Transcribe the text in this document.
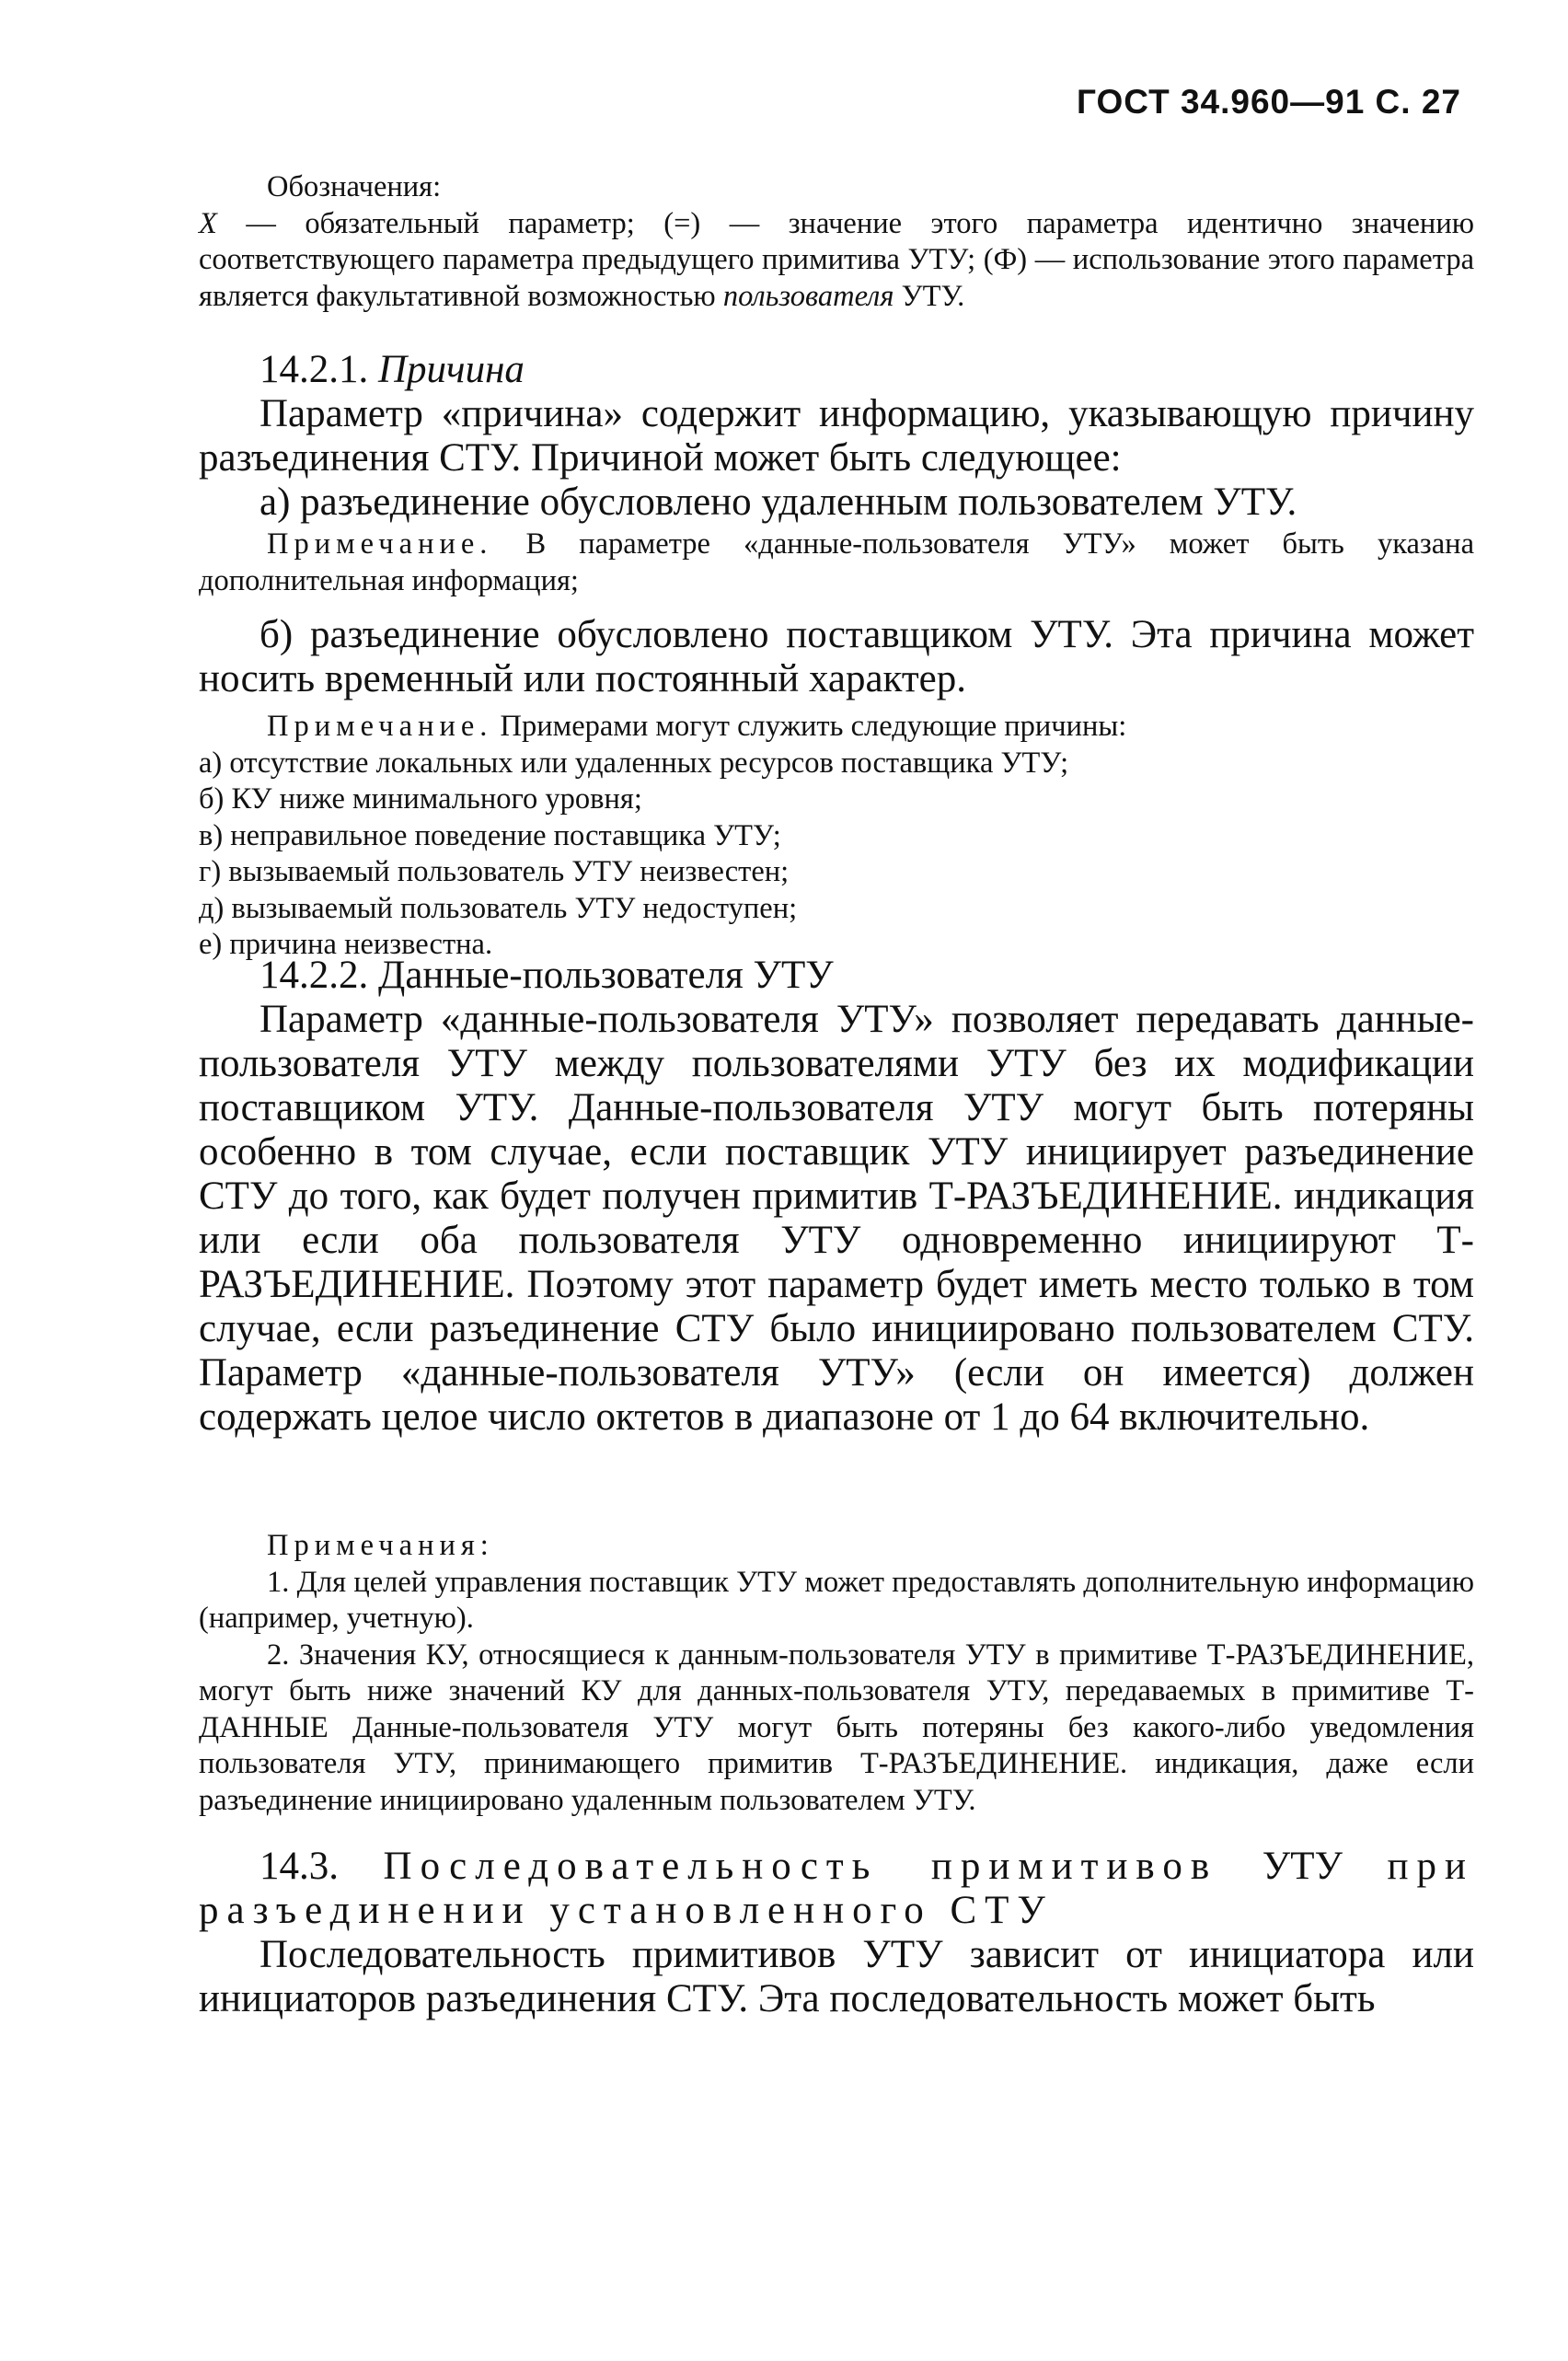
ГОСТ 34.960—91 С. 27

Обозначения:

X — обязательный параметр; (=) — значение этого параметра идентично значению соответствующего параметра предыдущего примитива УТУ; (Ф) — использование этого параметра является факультативной возможностью пользователя УТУ.

14.2.1. Причина

Параметр «причина» содержит информацию, указывающую причину разъединения СТУ. Причиной может быть следующее:

а) разъединение обусловлено удаленным пользователем УТУ.

Примечание. В параметре «данные-пользователя УТУ» может быть указана дополнительная информация;

б) разъединение обусловлено поставщиком УТУ. Эта причина может носить временный или постоянный характер.

Примечание. Примерами могут служить следующие причины:

а) отсутствие локальных или удаленных ресурсов поставщика УТУ;
б) КУ ниже минимального уровня;
в) неправильное поведение поставщика УТУ;
г) вызываемый пользователь УТУ неизвестен;
д) вызываемый пользователь УТУ недоступен;
е) причина неизвестна.

14.2.2. Данные-пользователя УТУ

Параметр «данные-пользователя УТУ» позволяет передавать данные-пользователя УТУ между пользователями УТУ без их модификации поставщиком УТУ. Данные-пользователя УТУ могут быть потеряны особенно в том случае, если поставщик УТУ инициирует разъединение СТУ до того, как будет получен примитив Т-РАЗЪЕДИНЕНИЕ. индикация или если оба пользователя УТУ одновременно инициируют Т-РАЗЪЕДИНЕНИЕ. Поэтому этот параметр будет иметь место только в том случае, если разъединение СТУ было инициировано пользователем СТУ. Параметр «данные-пользователя УТУ» (если он имеется) должен содержать целое число октетов в диапазоне от 1 до 64 включительно.

Примечания:

1. Для целей управления поставщик УТУ может предоставлять дополнительную информацию (например, учетную).

2. Значения КУ, относящиеся к данным-пользователя УТУ в примитиве Т-РАЗЪЕДИНЕНИЕ, могут быть ниже значений КУ для данных-пользователя УТУ, передаваемых в примитиве Т-ДАННЫЕ Данные-пользователя УТУ могут быть потеряны без какого-либо уведомления пользователя УТУ, принимающего примитив Т-РАЗЪЕДИНЕНИЕ. индикация, даже если разъединение инициировано удаленным пользователем УТУ.

14.3. Последовательность примитивов УТУ при разъединении установленного СТУ

Последовательность примитивов УТУ зависит от инициатора или инициаторов разъединения СТУ. Эта последовательность может быть
